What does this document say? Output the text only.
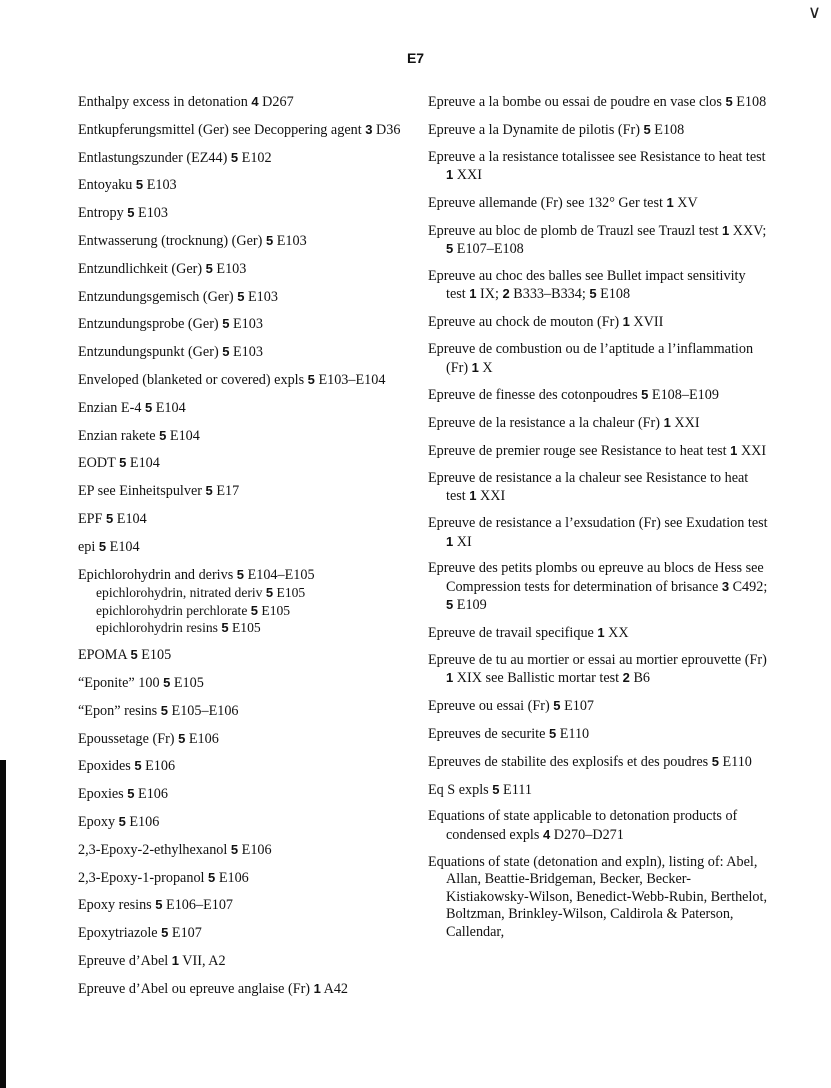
∨
E7
Enthalpy excess in detonation 4 D267
Entkupferungsmittel (Ger) see Decoppering agent 3 D36
Entlastungszunder (EZ44) 5 E102
Entoyaku 5 E103
Entropy 5 E103
Entwasserung (trocknung) (Ger) 5 E103
Entzundlichkeit (Ger) 5 E103
Entzundungsgemisch (Ger) 5 E103
Entzundungsprobe (Ger) 5 E103
Entzundungspunkt (Ger) 5 E103
Enveloped (blanketed or covered) expls 5 E103–E104
Enzian E-4 5 E104
Enzian rakete 5 E104
EODT 5 E104
EP see Einheitspulver 5 E17
EPF 5 E104
epi 5 E104
Epichlorohydrin and derivs 5 E104–E105
epichlorohydrin, nitrated deriv 5 E105
epichlorohydrin perchlorate 5 E105
epichlorohydrin resins 5 E105
EPOMA 5 E105
“Eponite” 100 5 E105
“Epon” resins 5 E105–E106
Epoussetage (Fr) 5 E106
Epoxides 5 E106
Epoxies 5 E106
Epoxy 5 E106
2,3-Epoxy-2-ethylhexanol 5 E106
2,3-Epoxy-1-propanol 5 E106
Epoxy resins 5 E106–E107
Epoxytriazole 5 E107
Epreuve d’Abel 1 VII, A2
Epreuve d’Abel ou epreuve anglaise (Fr) 1 A42
Epreuve a la bombe ou essai de poudre en vase clos 5 E108
Epreuve a la Dynamite de pilotis (Fr) 5 E108
Epreuve a la resistance totalissee see Resistance to heat test 1 XXI
Epreuve allemande (Fr) see 132° Ger test 1 XV
Epreuve au bloc de plomb de Trauzl see Trauzl test 1 XXV; 5 E107–E108
Epreuve au choc des balles see Bullet impact sensitivity test 1 IX; 2 B333–B334; 5 E108
Epreuve au chock de mouton (Fr) 1 XVII
Epreuve de combustion ou de l’aptitude a l’inflammation (Fr) 1 X
Epreuve de finesse des cotonpoudres 5 E108–E109
Epreuve de la resistance a la chaleur (Fr) 1 XXI
Epreuve de premier rouge see Resistance to heat test 1 XXI
Epreuve de resistance a la chaleur see Resistance to heat test 1 XXI
Epreuve de resistance a l’exsudation (Fr) see Exudation test 1 XI
Epreuve des petits plombs ou epreuve au blocs de Hess see Compression tests for determination of brisance 3 C492; 5 E109
Epreuve de travail specifique 1 XX
Epreuve de tu au mortier or essai au mortier eprouvette (Fr) 1 XIX see Ballistic mortar test 2 B6
Epreuve ou essai (Fr) 5 E107
Epreuves de securite 5 E110
Epreuves de stabilite des explosifs et des poudres 5 E110
Eq S expls 5 E111
Equations of state applicable to detonation products of condensed expls 4 D270–D271
Equations of state (detonation and expln), listing of: Abel, Allan, Beattie-Bridgeman, Becker, Becker-Kistiakowsky-Wilson, Benedict-Webb-Rubin, Berthelot, Boltzman, Brinkley-Wilson, Caldirola & Paterson, Callendar,
